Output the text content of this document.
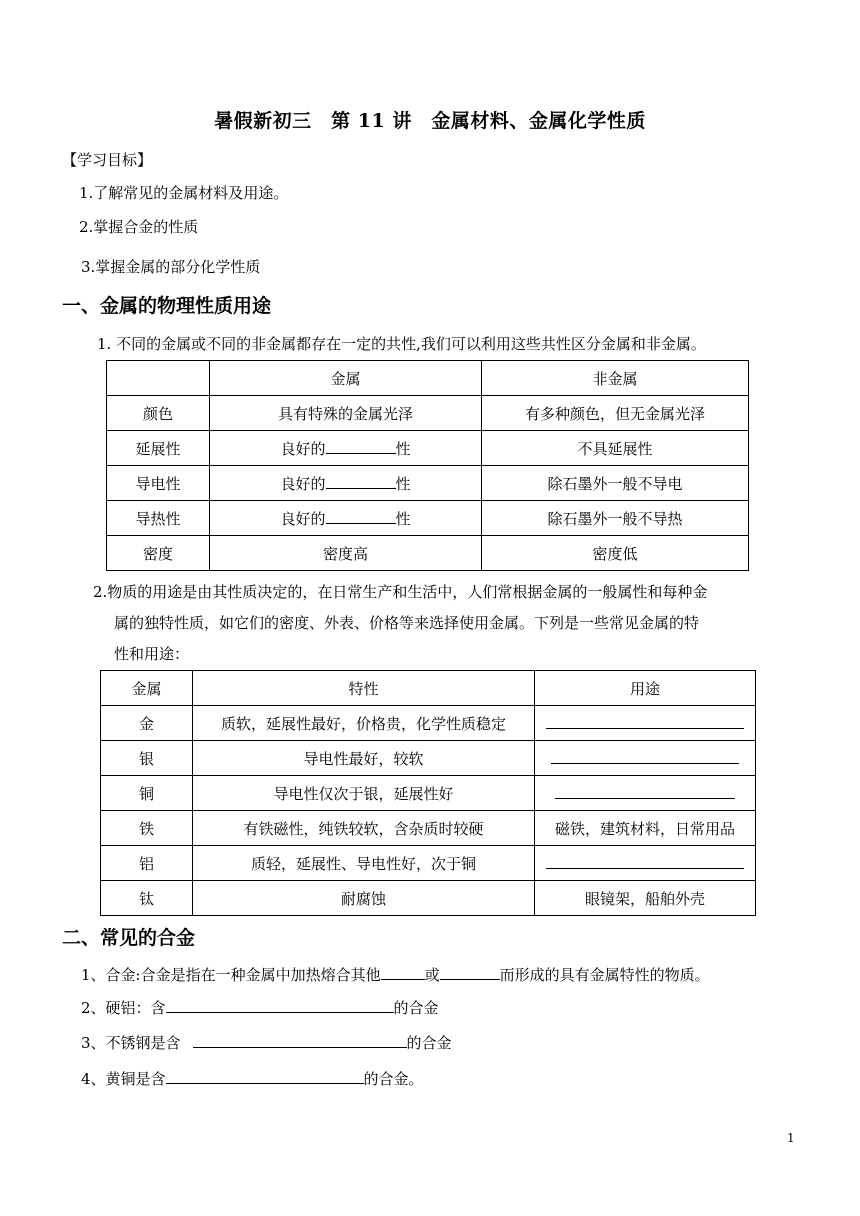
暑假新初三　第 11 讲　金属材料、金属化学性质
【学习目标】
1.了解常见的金属材料及用途。
2.掌握合金的性质
3.掌握金属的部分化学性质
一、金属的物理性质用途
1. 不同的金属或不同的非金属都存在一定的共性,我们可以利用这些共性区分金属和非金属。
	金属	非金属
颜色	具有特殊的金属光泽	有多种颜色，但无金属光泽
延展性	良好的 性	不具延展性
导电性	良好的 性	除石墨外一般不导电
导热性	良好的 性	除石墨外一般不导热
密度	密度高	密度低
2.物质的用途是由其性质决定的，在日常生产和生活中，人们常根据金属的一般属性和每种金
属的独特性质，如它们的密度、外表、价格等来选择使用金属。下列是一些常见金属的特
性和用途：
金属	特性	用途
金	质软，延展性最好，价格贵，化学性质稳定	
银	导电性最好，较软	
铜	导电性仅次于银，延展性好	
铁	有铁磁性，纯铁较软，含杂质时较硬	磁铁，建筑材料，日常用品
铝	质轻，延展性、导电性好，次于铜	
钛	耐腐蚀	眼镜架，船舶外壳
二、常见的合金
1、合金:合金是指在一种金属中加热熔合其他	或	而形成的具有金属特性的物质。
2、硬铝：含	的合金
3、不锈钢是含	的合金
4、黄铜是含	的合金。
1
